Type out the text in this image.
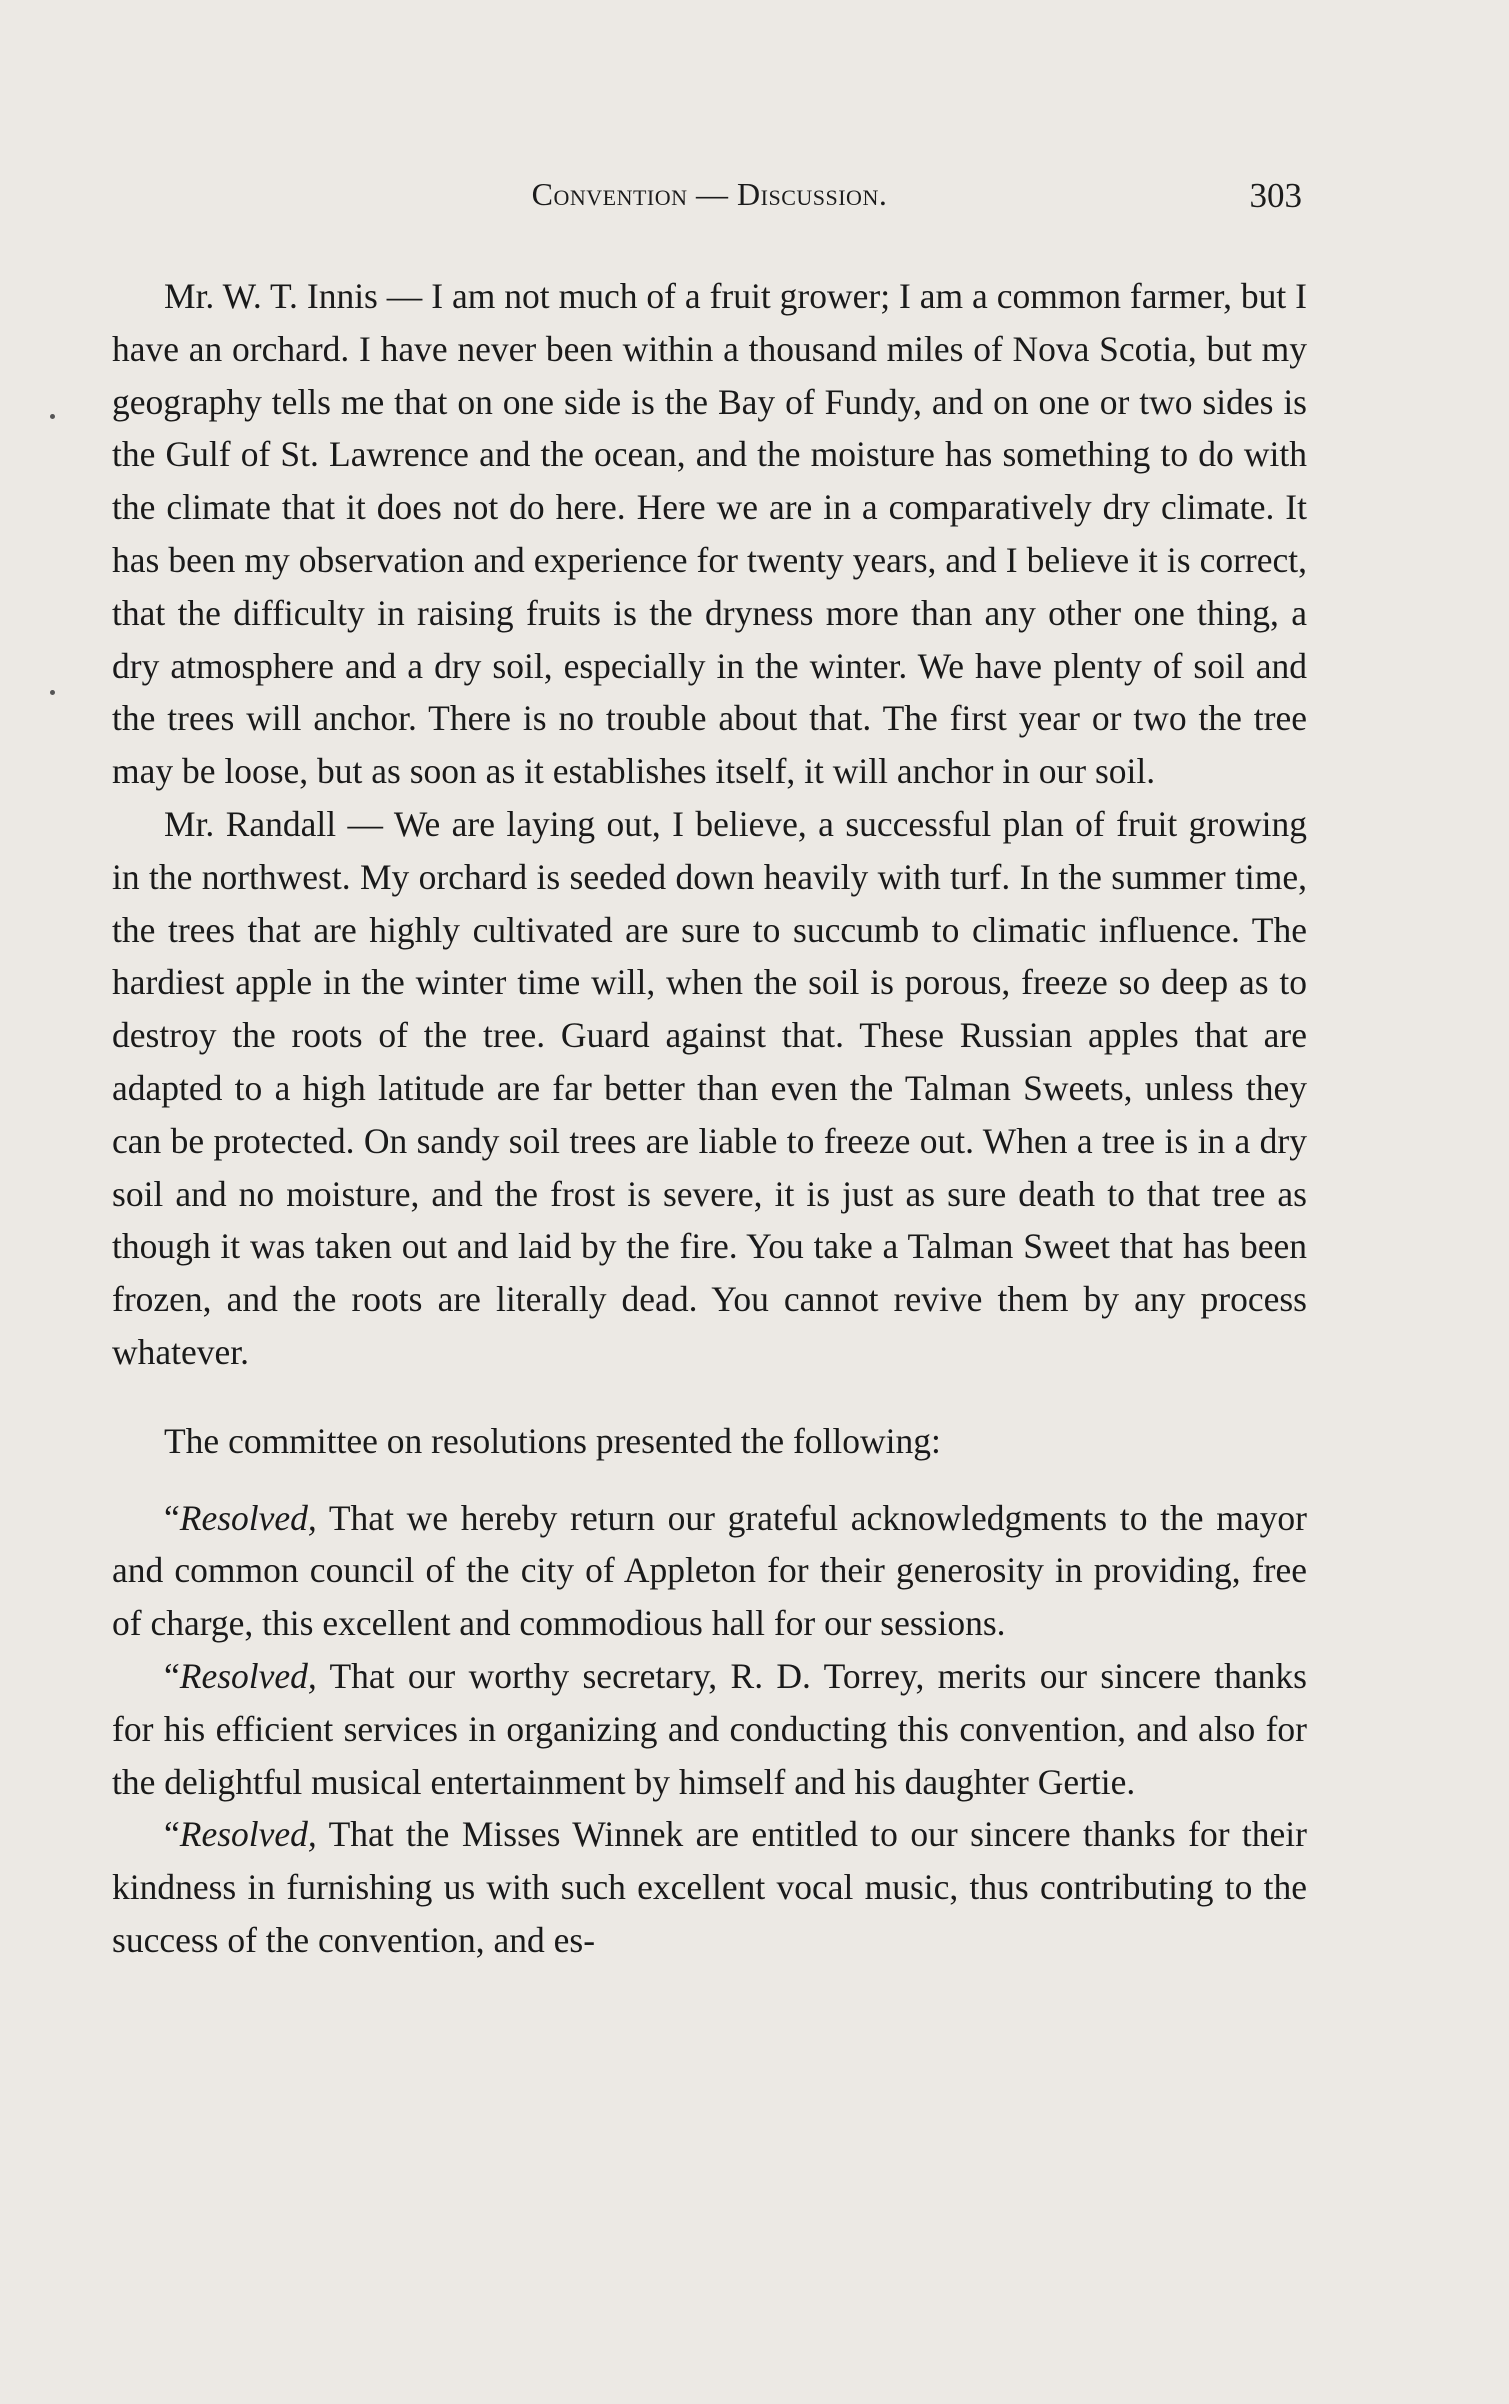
Convention — Discussion.	303

Mr. W. T. Innis — I am not much of a fruit grower; I am a common farmer, but I have an orchard. I have never been within a thousand miles of Nova Scotia, but my geography tells me that on one side is the Bay of Fundy, and on one or two sides is the Gulf of St. Lawrence and the ocean, and the moisture has something to do with the climate that it does not do here. Here we are in a comparatively dry climate. It has been my observation and experience for twenty years, and I believe it is correct, that the difficulty in raising fruits is the dryness more than any other one thing, a dry atmosphere and a dry soil, especially in the winter. We have plenty of soil and the trees will anchor. There is no trouble about that. The first year or two the tree may be loose, but as soon as it establishes itself, it will anchor in our soil.

Mr. Randall — We are laying out, I believe, a successful plan of fruit growing in the northwest. My orchard is seeded down heavily with turf. In the summer time, the trees that are highly cultivated are sure to succumb to climatic influence. The hardiest apple in the winter time will, when the soil is porous, freeze so deep as to destroy the roots of the tree. Guard against that. These Russian apples that are adapted to a high latitude are far better than even the Talman Sweets, unless they can be protected. On sandy soil trees are liable to freeze out. When a tree is in a dry soil and no moisture, and the frost is severe, it is just as sure death to that tree as though it was taken out and laid by the fire. You take a Talman Sweet that has been frozen, and the roots are literally dead. You cannot revive them by any process whatever.

The committee on resolutions presented the following:

“Resolved, That we hereby return our grateful acknowledgments to the mayor and common council of the city of Appleton for their generosity in providing, free of charge, this excellent and commodious hall for our sessions.

“Resolved, That our worthy secretary, R. D. Torrey, merits our sincere thanks for his efficient services in organizing and conducting this convention, and also for the delightful musical entertainment by himself and his daughter Gertie.

“Resolved, That the Misses Winnek are entitled to our sincere thanks for their kindness in furnishing us with such excellent vocal music, thus contributing to the success of the convention, and es-
